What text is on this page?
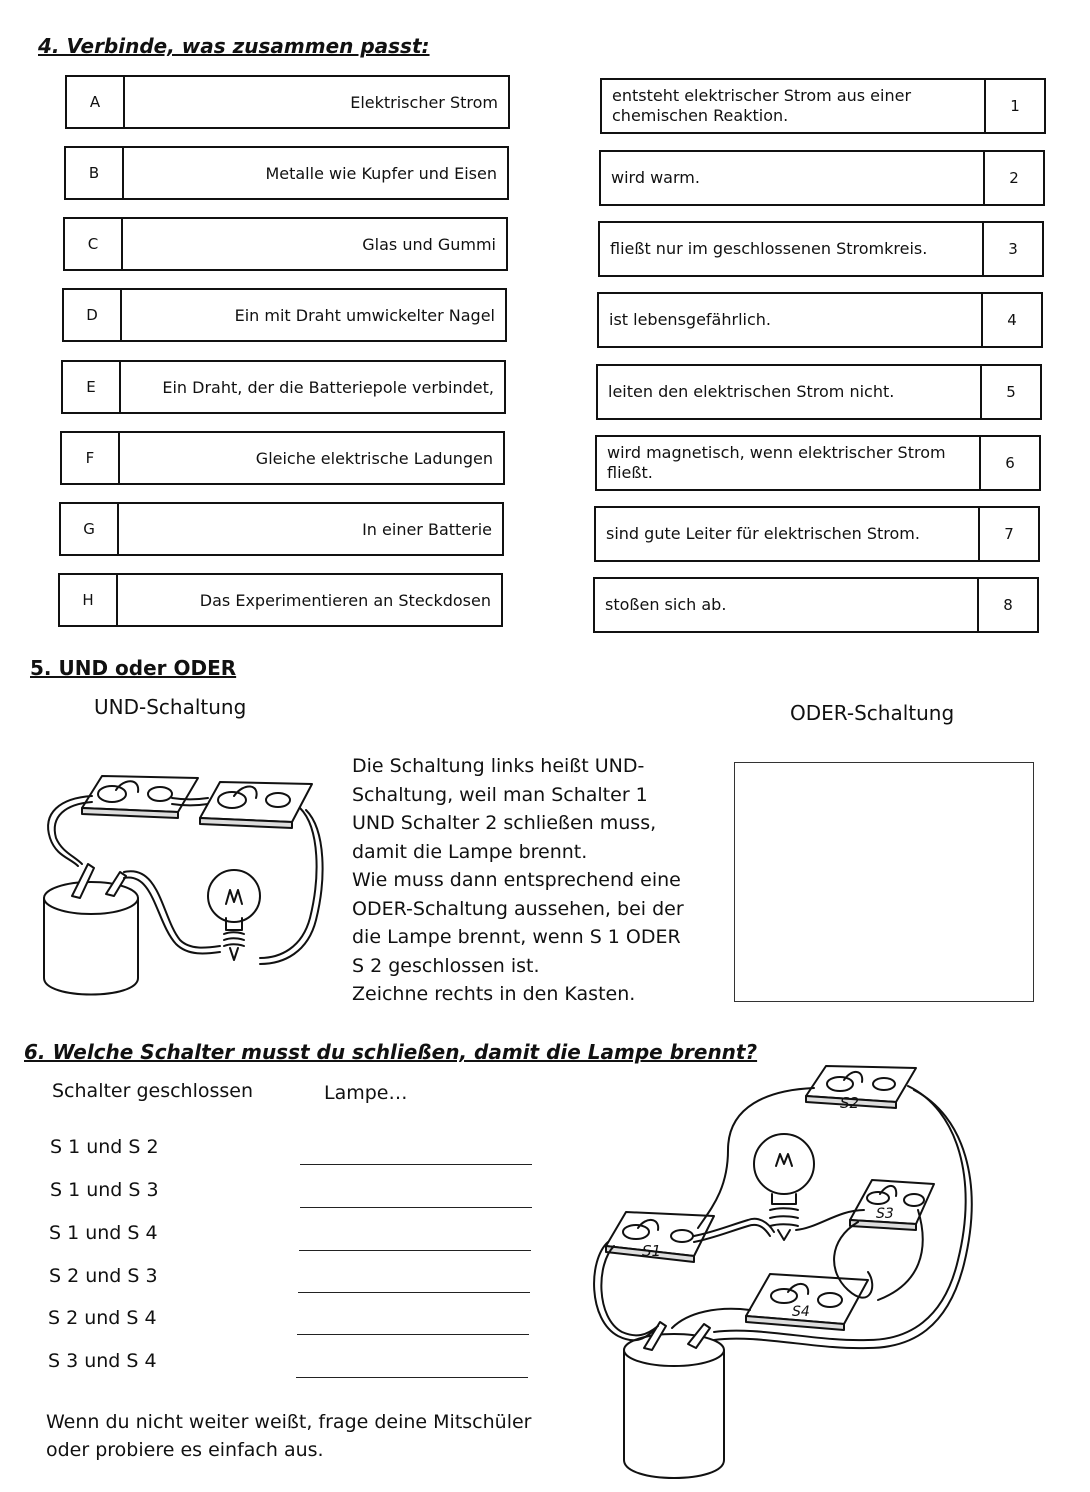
4. Verbinde, was zusammen passt:
A	Elektrischer Strom
B	Metalle wie Kupfer und Eisen
C	Glas und Gummi
D	Ein mit Draht umwickelter Nagel
E	Ein Draht, der die Batteriepole verbindet,
F	Gleiche elektrische Ladungen
G	In einer Batterie
H	Das Experimentieren an Steckdosen
entsteht elektrischer Strom aus einer chemischen Reaktion.	1
wird warm.	2
fließt nur im geschlossenen Stromkreis.	3
ist lebensgefährlich.	4
leiten den elektrischen Strom nicht.	5
wird magnetisch, wenn elektrischer Strom fließt.	6
sind gute Leiter für elektrischen Strom.	7
stoßen sich ab.	8
5. UND oder ODER
UND-Schaltung	ODER-Schaltung

Die Schaltung links heißt UND-
Schaltung, weil man Schalter 1
UND Schalter 2 schließen muss,
damit die Lampe brennt.
Wie muss dann entsprechend eine
ODER-Schaltung aussehen, bei der
die Lampe brennt, wenn S 1 ODER
S 2 geschlossen ist.
Zeichne rechts in den Kasten.

6. Welche Schalter musst du schließen, damit die Lampe brennt?
Schalter geschlossen	Lampe…
S 1 und S 2
S 1 und S 3
S 1 und S 4
S 2 und S 3
S 2 und S 4
S 3 und S 4

Wenn du nicht weiter weißt, frage deine Mitschüler
oder probiere es einfach aus.

S1
S2
S3
S4
